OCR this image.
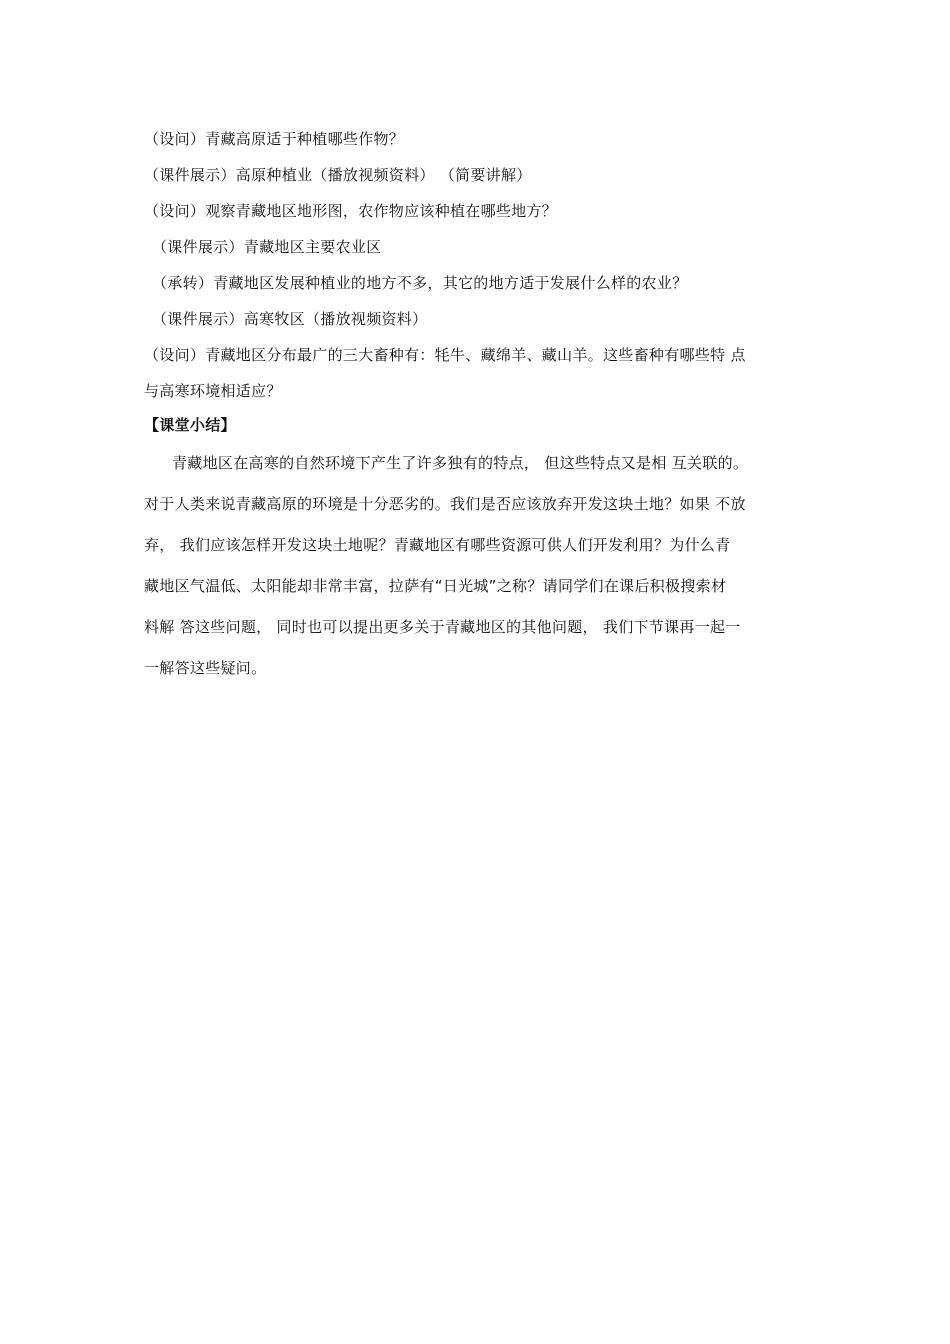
（设问）青藏高原适于种植哪些作物？
（课件展示）高原种植业（播放视频资料） （简要讲解）
（设问）观察青藏地区地形图，农作物应该种植在哪些地方？
（课件展示）青藏地区主要农业区
（承转）青藏地区发展种植业的地方不多，其它的地方适于发展什么样的农业？
（课件展示）高寒牧区（播放视频资料）
（设问）青藏地区分布最广的三大畜种有：牦牛、藏绵羊、藏山羊。这些畜种有哪些特 点
与高寒环境相适应？
【课堂小结】
青藏地区在高寒的自然环境下产生了许多独有的特点， 但这些特点又是相 互关联的。
对于人类来说青藏高原的环境是十分恶劣的。我们是否应该放弃开发这块土地？如果 不放
弃， 我们应该怎样开发这块土地呢？青藏地区有哪些资源可供人们开发利用？为什么青
藏地区气温低、太阳能却非常丰富，拉萨有“日光城”之称？请同学们在课后积极搜索材
料解 答这些问题， 同时也可以提出更多关于青藏地区的其他问题， 我们下节课再一起一
一解答这些疑问。
